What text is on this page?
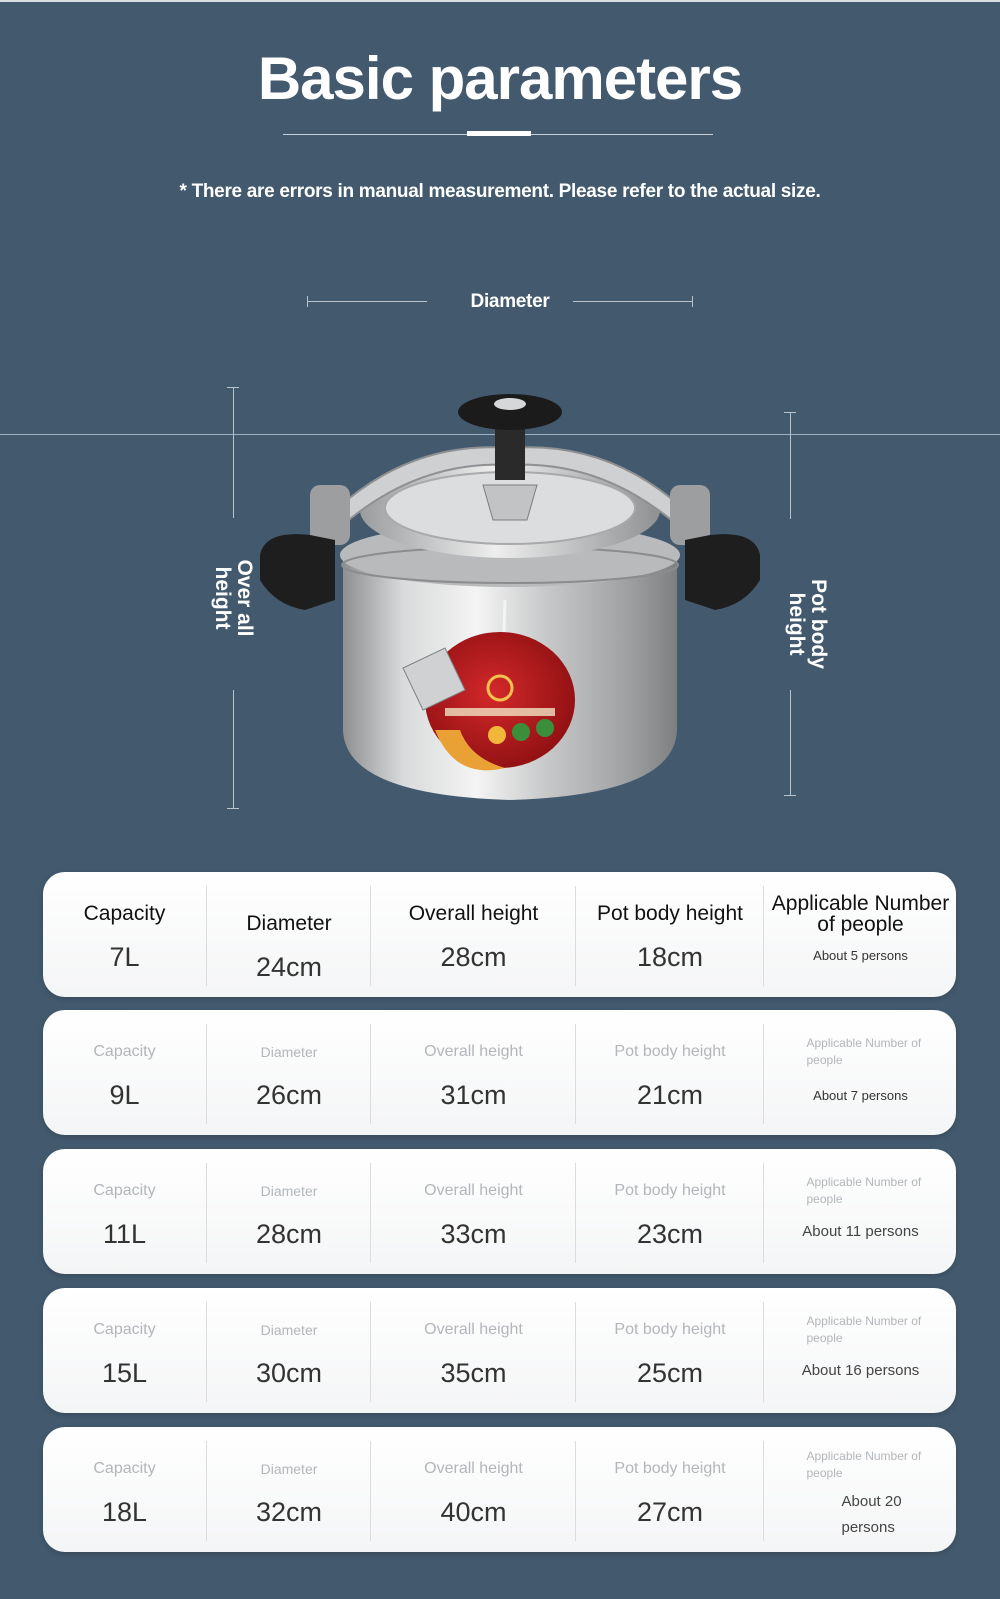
Basic parameters
* There are errors in manual measurement. Please refer to the actual size.
Diameter
Over all height	Pot body height
Capacity
7L
Diameter
24cm
Overall height
28cm
Pot body height
18cm
Applicable Number of people
About 5 persons
Capacity
9L
Diameter
26cm
Overall height
31cm
Pot body height
21cm
Applicable Number of people
About 7 persons
Capacity
11L
Diameter
28cm
Overall height
33cm
Pot body height
23cm
Applicable Number of people
About 11 persons
Capacity
15L
Diameter
30cm
Overall height
35cm
Pot body height
25cm
Applicable Number of people
About 16 persons
Capacity
18L
Diameter
32cm
Overall height
40cm
Pot body height
27cm
Applicable Number of people
About 20 persons
